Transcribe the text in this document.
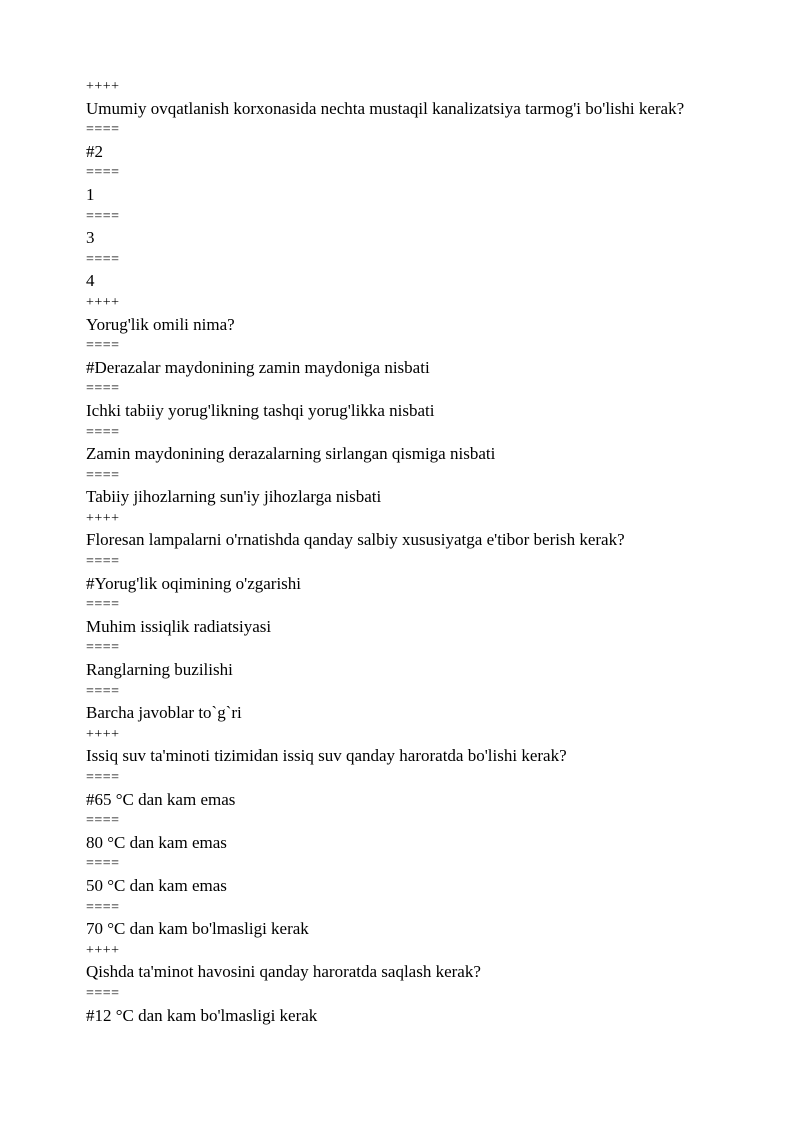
++++
Umumiy ovqatlanish korxonasida nechta mustaqil kanalizatsiya tarmog'i bo'lishi kerak?
====
#2
====
1
====
3
====
4
++++
Yorug'lik omili nima?
====
#Derazalar maydonining zamin maydoniga nisbati
====
Ichki tabiiy yorug'likning tashqi yorug'likka nisbati
====
Zamin maydonining derazalarning sirlangan qismiga nisbati
====
Tabiiy jihozlarning sun'iy jihozlarga nisbati
++++
Floresan lampalarni o'rnatishda qanday salbiy xususiyatga e'tibor berish kerak?
====
#Yorug'lik oqimining o'zgarishi
====
Muhim issiqlik radiatsiyasi
====
Ranglarning buzilishi
====
Barcha javoblar to`g`ri
++++
Issiq suv ta'minoti tizimidan issiq suv qanday haroratda bo'lishi kerak?
====
#65 °C dan kam emas
====
80 °C dan kam emas
====
50 °C dan kam emas
====
70 °C dan kam bo'lmasligi kerak
++++
Qishda ta'minot havosini qanday haroratda saqlash kerak?
====
#12 °C dan kam bo'lmasligi kerak
